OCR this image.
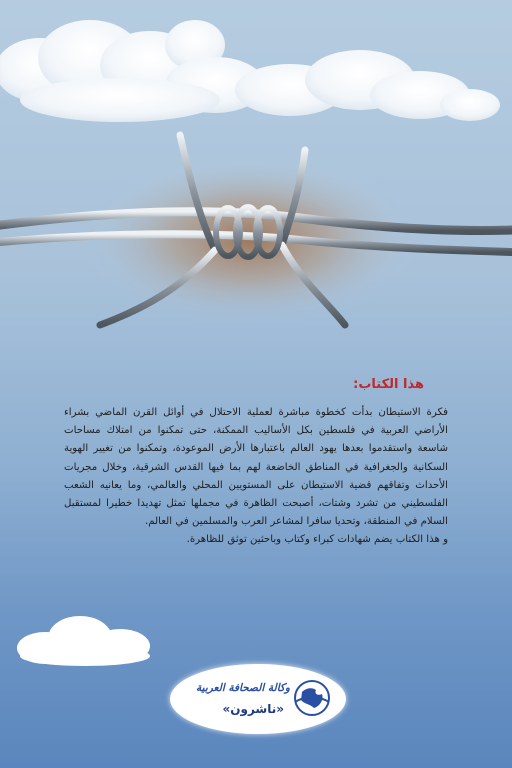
هذا الكتاب:

فكرة الاستيطان بدأت كخطوة مباشرة لعملية الاحتلال في أوائل القرن الماضي بشراء الأراضي العربية في فلسطين بكل الأساليب الممكنة، حتى تمكنوا من امتلاك مساحات شاسعة واستقدموا بعدها يهود العالم باعتبارها الأرض الموعودة، وتمكنوا من تغيير الهوية السكانية والجغرافية في المناطق الخاضعة لهم بما فيها القدس الشرقية، وخلال مجريات الأحداث وتفاقهم قضية الاستيطان على المستويين المحلي والعالمي، وما يعانيه الشعب الفلسطيني من تشرد وشتات، أصبحت الظاهرة في مجملها تمثل تهديدا خطيرا لمستقبل السلام في المنطقة، وتحديا سافرا لمشاعر العرب والمسلمين في العالم.

و هذا الكتاب يضم شهادات كبراء وكتاب وباحثين توثق للظاهرة.

وكالة الصحافة العربية
«ناشرون»
